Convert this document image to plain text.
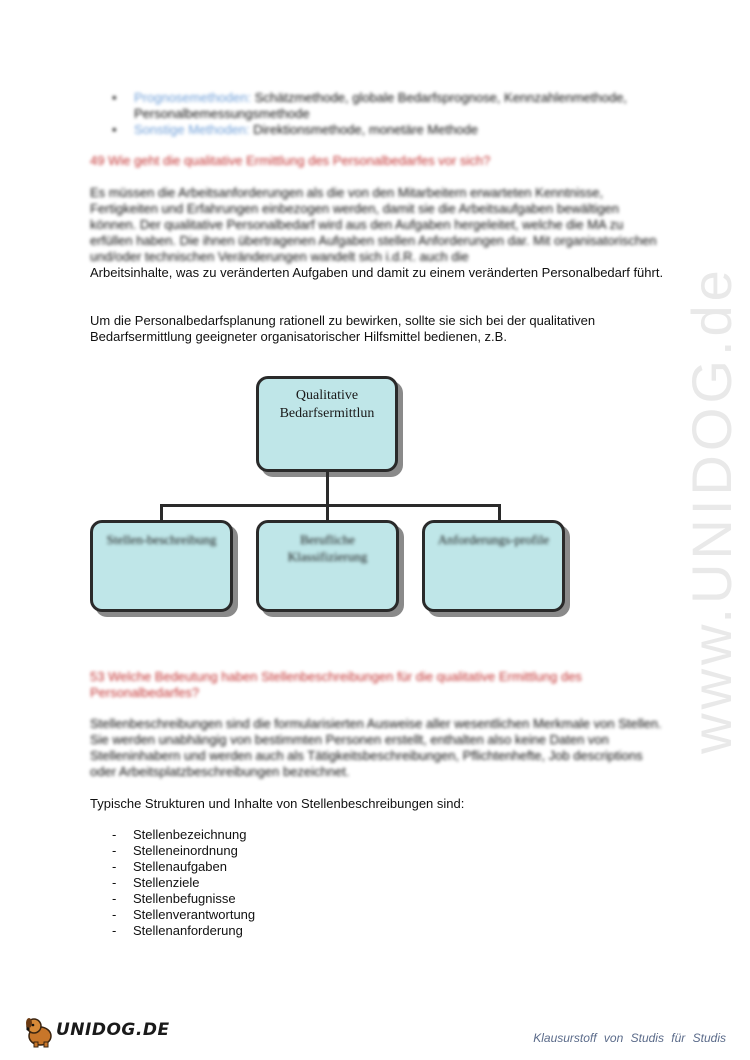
www.UNIDOG.de
• Prognosemethoden: Schätzmethode, globale Bedarfsprognose, Kennzahlenmethode, Personalbemessungsmethode
• Sonstige Methoden: Direktionsmethode, monetäre Methode

49 Wie geht die qualitative Ermittlung des Personalbedarfes vor sich?

Es müssen die Arbeitsanforderungen als die von den Mitarbeitern erwarteten Kenntnisse, Fertigkeiten und Erfahrungen einbezogen werden, damit sie die Arbeitsaufgaben bewältigen können. Der qualitative Personalbedarf wird aus den Aufgaben hergeleitet, welche die MA zu erfüllen haben. Die ihnen übertragenen Aufgaben stellen Anforderungen dar. Mit organisatorischen und/oder technischen Veränderungen wandelt sich i.d.R. auch die

Arbeitsinhalte, was zu veränderten Aufgaben und damit zu einem veränderten Personalbedarf führt.

Um die Personalbedarfsplanung rationell zu bewirken, sollte sie sich bei der qualitativen Bedarfsermittlung geeigneter organisatorischer Hilfsmittel bedienen, z.B.

Qualitative Bedarfsermittlun
Stellen-beschreibung	Berufliche Klassifizierung
Anforderungs-profile

53 Welche Bedeutung haben Stellenbeschreibungen für die qualitative Ermittlung des Personalbedarfes?

Stellenbeschreibungen sind die formularisierten Ausweise aller wesentlichen Merkmale von Stellen. Sie werden unabhängig von bestimmten Personen erstellt, enthalten also keine Daten von Stelleninhabern und werden auch als Tätigkeitsbeschreibungen, Pflichtenhefte, Job descriptions oder Arbeitsplatzbeschreibungen bezeichnet.

Typische Strukturen und Inhalte von Stellenbeschreibungen sind:

- Stellenbezeichnung
- Stelleneinordnung
- Stellenaufgaben
- Stellenziele
- Stellenbefugnisse
- Stellenverantwortung
- Stellenanforderung
UNIDOG.DE	Klausurstoff von Studis für Studis
